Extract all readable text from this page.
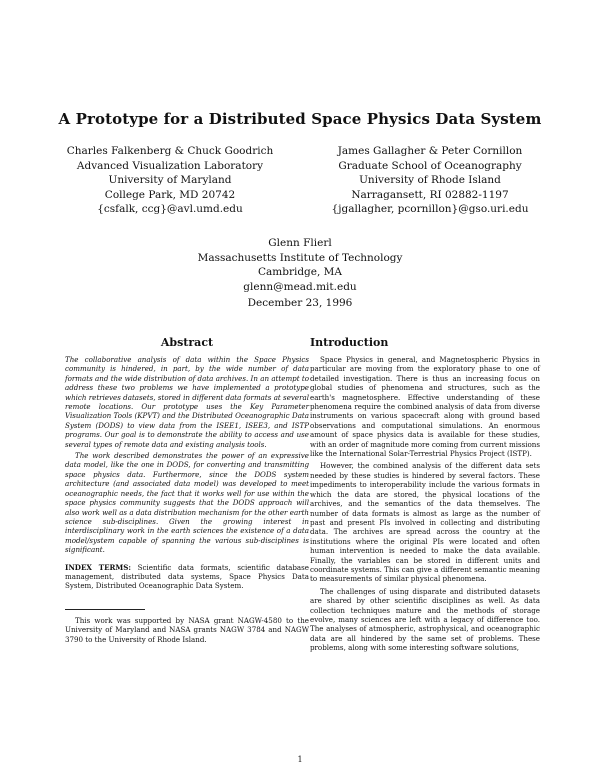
A Prototype for a Distributed Space Physics Data System
Charles Falkenberg & Chuck Goodrich
Advanced Visualization Laboratory
University of Maryland
College Park, MD 20742
{csfalk, ccg}@avl.umd.edu
James Gallagher & Peter Cornillon
Graduate School of Oceanography
University of Rhode Island
Narragansett, RI 02882-1197
{jgallagher, pcornillon}@gso.uri.edu
Glenn Flierl
Massachusetts Institute of Technology
Cambridge, MA
glenn@mead.mit.edu
December 23, 1996
Abstract

The collaborative analysis of data within the Space Physics community is hindered, in part, by the wide number of data formats and the wide distribution of data archives. In an attempt to address these two problems we have implemented a prototype which retrieves datasets, stored in different data formats at several remote locations. Our prototype uses the Key Parameter Visualization Tools (KPVT) and the Distributed Oceanographic Data System (DODS) to view data from the ISEE1, ISEE3, and ISTP programs. Our goal is to demonstrate the ability to access and use several types of remote data and existing analysis tools.

The work described demonstrates the power of an expressive data model, like the one in DODS, for converting and transmitting space physics data. Furthermore, since the DODS system architecture (and associated data model) was developed to meet oceanographic needs, the fact that it works well for use within the space physics community suggests that the DODS approach will also work well as a data distribution mechanism for the other earth science sub-disciplines. Given the growing interest in interdisciplinary work in the earth sciences the existence of a data model/system capable of spanning the various sub-disciplines is significant.

INDEX TERMS: Scientific data formats, scientific database management, distributed data systems, Space Physics Data System, Distributed Oceanographic Data System.
This work was supported by NASA grant NAGW-4580 to the University of Maryland and NASA grants NAGW 3784 and NAGW 3790 to the University of Rhode Island.
Introduction

Space Physics in general, and Magnetospheric Physics in particular are moving from the exploratory phase to one of detailed investigation. There is thus an increasing focus on global studies of phenomena and structures, such as the earth's magnetosphere. Effective understanding of these phenomena require the combined analysis of data from diverse instruments on various spacecraft along with ground based observations and computational simulations. An enormous amount of space physics data is available for these studies, with an order of magnitude more coming from current missions like the International Solar-Terrestrial Physics Project (ISTP).

However, the combined analysis of the different data sets needed by these studies is hindered by several factors. These impediments to interoperability include the various formats in which the data are stored, the physical locations of the archives, and the semantics of the data themselves. The number of data formats is almost as large as the number of past and present PIs involved in collecting and distributing data. The archives are spread across the country at the institutions where the original PIs were located and often human intervention is needed to make the data available. Finally, the variables can be stored in different units and coordinate systems. This can give a different semantic meaning to measurements of similar physical phenomena.

The challenges of using disparate and distributed datasets are shared by other scientific disciplines as well. As data collection techniques mature and the methods of storage evolve, many sciences are left with a legacy of difference too. The analyses of atmospheric, astrophysical, and oceanographic data are all hindered by the same set of problems. These problems, along with some interesting software solutions,

1
